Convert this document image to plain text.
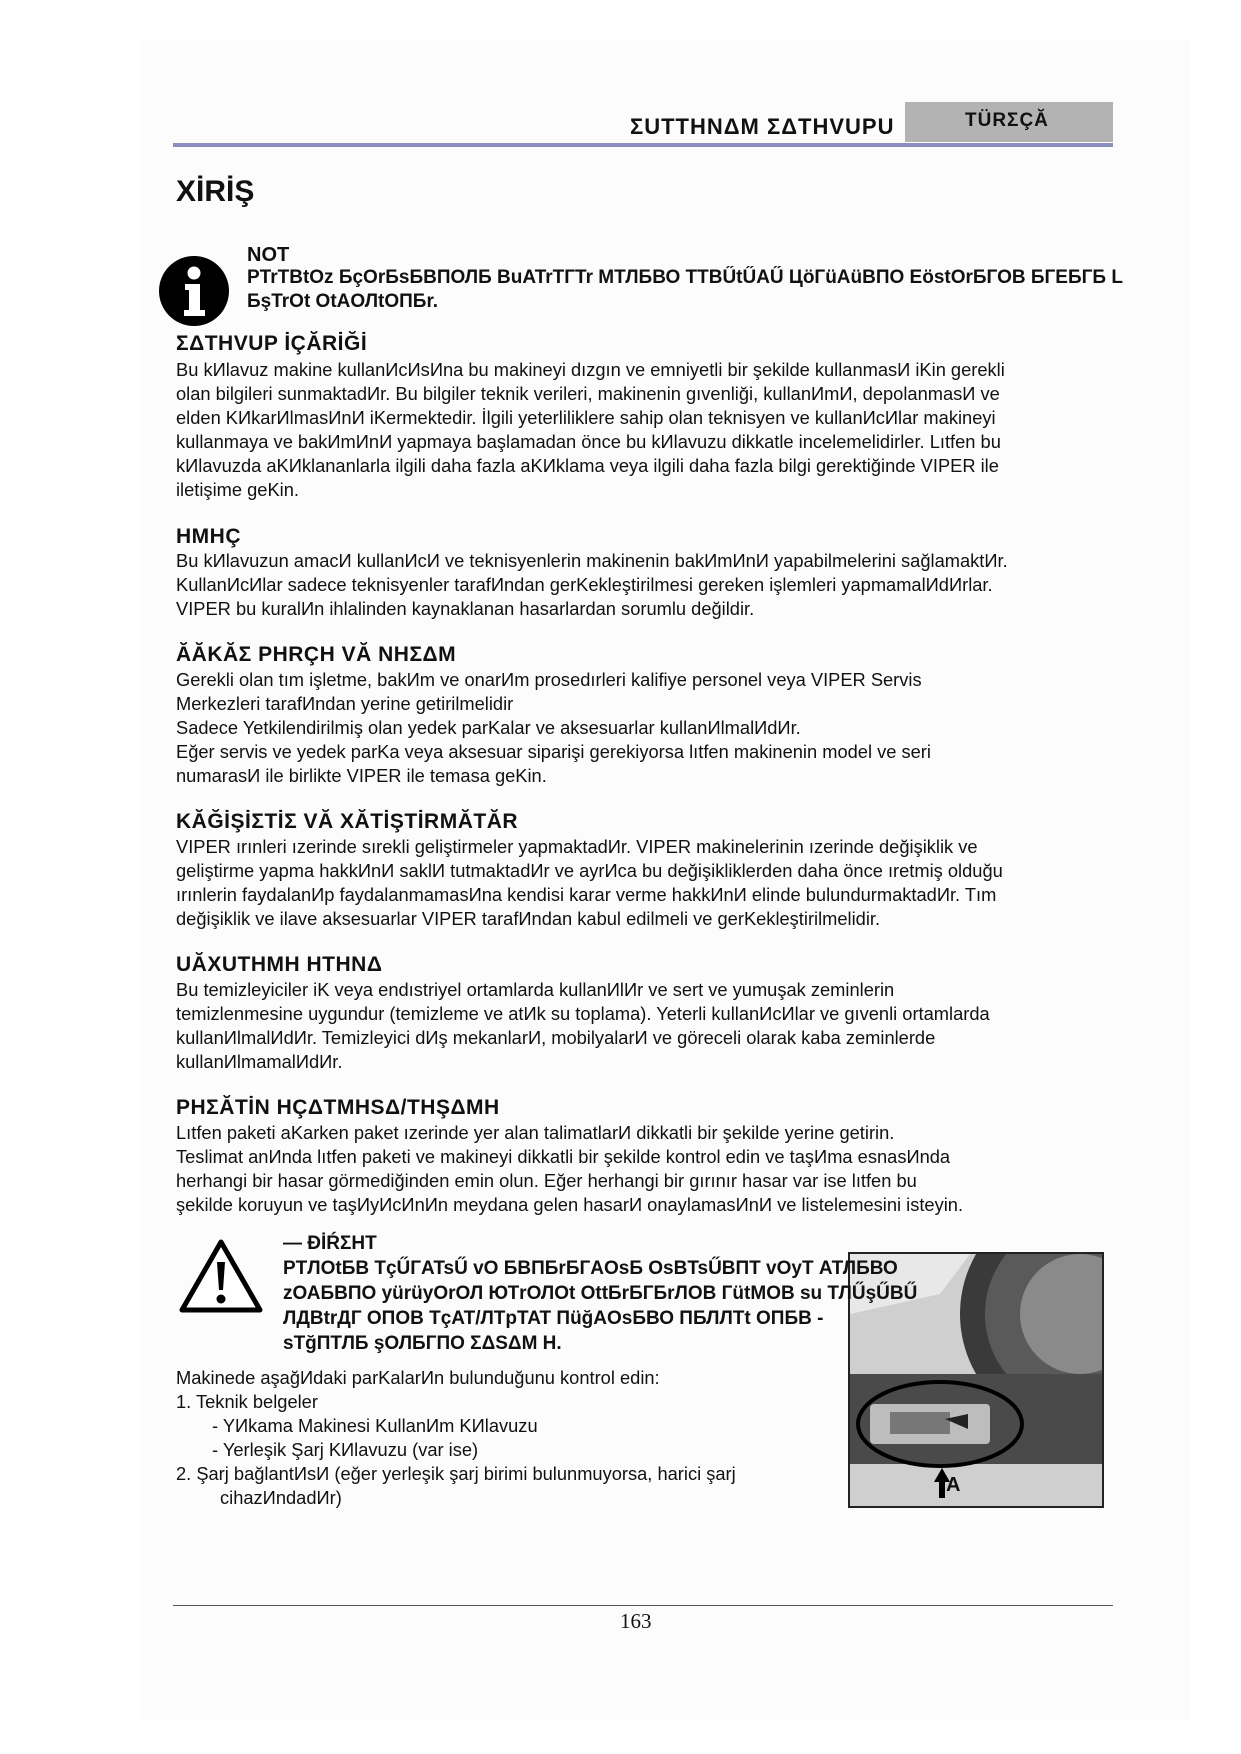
ΣUTTHNΔM ΣΔTHVUPU	TÜRΣÇĂ
XİRİŞ
NOT
PTrTBtOz БçOrБsБВПОЛБ BuATrTГTr МТЛБВО ТТВŰtŰAŰ ЦöГüAüВПО EöstOrБГОВ БГЕБГБ L
БşTrOt OtAОЛtОПБr.
ΣΔTHVUP İÇĂRİĞİ
Bu kИlavuz makine kullanИcИsИna bu makineyi dızgın ve emniyetli bir şekilde kullanmasИ iKin gerekli
olan bilgileri sunmaktadИr. Bu bilgiler teknik verileri, makinenin gıvenliği, kullanИmИ, depolanmasИ ve
elden KИkarИlmasИnИ iKermektedir. İlgili yeterliliklere sahip olan teknisyen ve kullanИcИlar makineyi
kullanmaya ve bakИmИnИ yapmaya başlamadan önce bu kИlavuzu dikkatle incelemelidirler. Lıtfen bu
kИlavuzda aKИklananlarla ilgili daha fazla aKИklama veya ilgili daha fazla bilgi gerektiğinde VIPER ile
iletişime geKin.
HMHÇ
Bu kИlavuzun amacИ kullanИcИ ve teknisyenlerin makinenin bakИmИnИ yapabilmelerini sağlamaktИr.
KullanИcИlar sadece teknisyenler tarafИndan gerKekleştirilmesi gereken işlemleri yapmamalИdИrlar.
VIPER bu kuralИn ihlalinden kaynaklanan hasarlardan sorumlu değildir.
ĂĂKĂΣ PHRÇH VĂ NHΣΔM
Gerekli olan tım işletme, bakИm ve onarИm prosedırleri kalifiye personel veya VIPER Servis
Merkezleri tarafИndan yerine getirilmelidir
Sadece Yetkilendirilmiş olan yedek parKalar ve aksesuarlar kullanИlmalИdИr.
Eğer servis ve yedek parKa veya aksesuar siparişi gerekiyorsa lıtfen makinenin model ve seri
numarasИ ile birlikte VIPER ile temasa geKin.
KĂĞİŞİΣTİΣ VĂ XĂTİŞTİRMĂTĂR
VIPER ırınleri ızerinde sırekli geliştirmeler yapmaktadИr. VIPER makinelerinin ızerinde değişiklik ve
geliştirme yapma hakkИnИ saklИ tutmaktadИr ve ayrИca bu değişikliklerden daha önce ıretmiş olduğu
ırınlerin faydalanИp faydalanmamasИna kendisi karar verme hakkИnИ elinde bulundurmaktadИr. Tım
değişiklik ve ilave aksesuarlar VIPER tarafИndan kabul edilmeli ve gerKekleştirilmelidir.
UĂXUTHMH HTHNΔ
Bu temizleyiciler iK veya endıstriyel ortamlarda kullanИlИr ve sert ve yumuşak zeminlerin
temizlenmesine uygundur (temizleme ve atИk su toplama). Yeterli kullanИcИlar ve gıvenli ortamlarda
kullanИlmalИdИr. Temizleyici dИş mekanlarИ, mobilyalarИ ve göreceli olarak kaba zeminlerde
kullanИlmamalИdИr.
PHΣĂTİN HÇΔTMHSΔ/THŞΔMH
Lıtfen paketi aKarken paket ızerinde yer alan talimatlarИ dikkatli bir şekilde yerine getirin.
Teslimat anИnda lıtfen paketi ve makineyi dikkatli bir şekilde kontrol edin ve taşИma esnasИnda
herhangi bir hasar görmediğinden emin olun. Eğer herhangi bir gırınır hasar var ise lıtfen bu
şekilde koruyun ve taşИyИcИnИn meydana gelen hasarИ onaylamasИnИ ve listelemesini isteyin.
A
— ĐİŔΣHT
PTЛОtБВ TçŰГATsŰ vO БВПБrБГAOsБ OsBTsŰВПТ vOyT АТЛБВО
zОАБВПО yürüyOrОЛ ЮТrОЛОt OttБrБГБrЛОВ ГütМОВ su ТЛŰşŰВŰ
ЛДВtrДГ ОПОВ TçAT/ЛТpTAT ПüğAOsБВО ПБЛЛТt ОПБВ -
sTğПТЛБ şОЛБГПО ΣΔSΔM H.
Makinede aşağИdaki parKalarИn bulunduğunu kontrol edin:
1. Teknik belgeler
- YИkama Makinesi KullanИm KИlavuzu
- Yerleşik Şarj KИlavuzu (var ise)
2. Şarj bağlantИsИ (eğer yerleşik şarj birimi bulunmuyorsa, harici şarj
cihazИndadИr)
163
